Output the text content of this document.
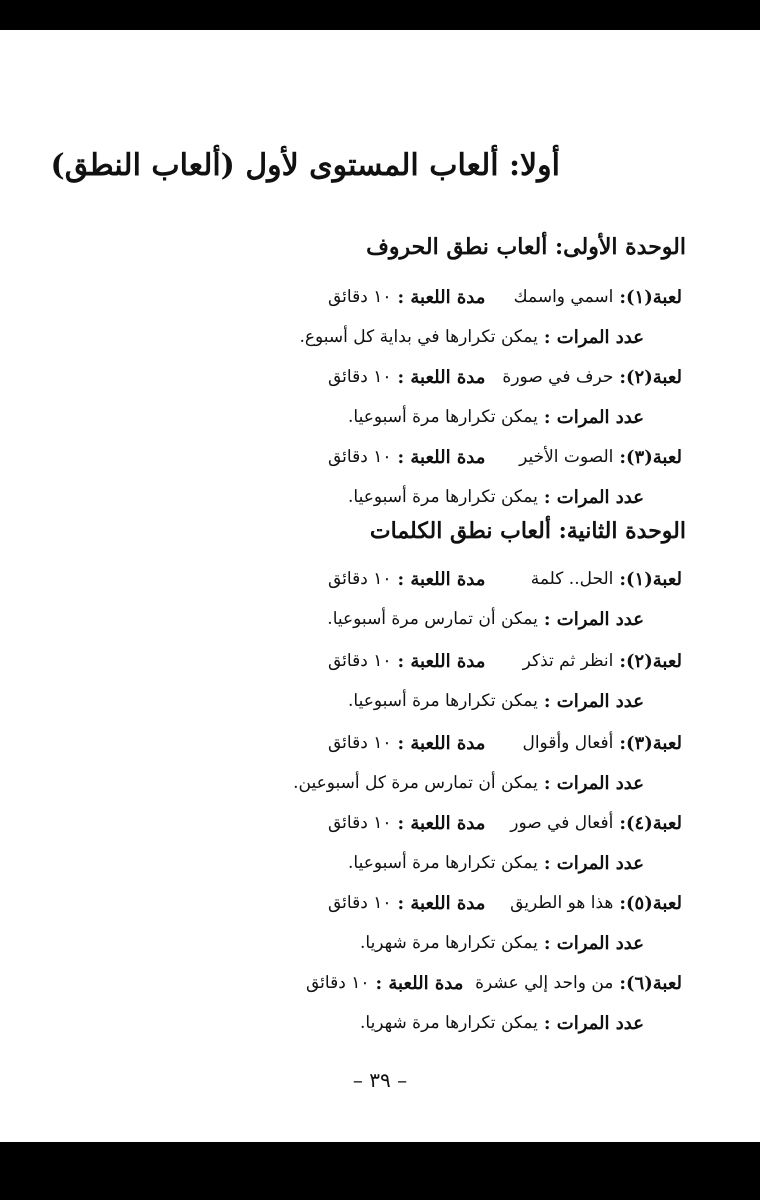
أولا: ألعاب المستوى لأول (ألعاب النطق)
الوحدة الأولى: ألعاب نطق الحروف
لعبة(١):
اسمي واسمك
مدة اللعبة :
١٠ دقائق
عدد المرات :
يمكن تكرارها في بداية كل أسبوع.
لعبة(٢):
حرف في صورة
مدة اللعبة :
١٠ دقائق
عدد المرات :
يمكن تكرارها مرة أسبوعيا.
لعبة(٣):
الصوت الأخير
مدة اللعبة :
١٠ دقائق
عدد المرات :
يمكن تكرارها مرة أسبوعيا.
الوحدة الثانية: ألعاب نطق الكلمات
لعبة(١):
الحل.. كلمة
مدة اللعبة :
١٠ دقائق
عدد المرات :
يمكن أن تمارس مرة أسبوعيا.
لعبة(٢):
انظر ثم تذكر
مدة اللعبة :
١٠ دقائق
عدد المرات :
يمكن تكرارها مرة أسبوعيا.
لعبة(٣):
أفعال وأقوال
مدة اللعبة :
١٠ دقائق
عدد المرات :
يمكن أن تمارس مرة كل أسبوعين.
لعبة(٤):
أفعال في صور
مدة اللعبة :
١٠ دقائق
عدد المرات :
يمكن تكرارها مرة أسبوعيا.
لعبة(٥):
هذا هو الطريق
مدة اللعبة :
١٠ دقائق
عدد المرات :
يمكن تكرارها مرة شهريا.
لعبة(٦):
من واحد إلي عشرة
مدة اللعبة :
١٠ دقائق
عدد المرات :
يمكن تكرارها مرة شهريا.
– ٣٩ –
